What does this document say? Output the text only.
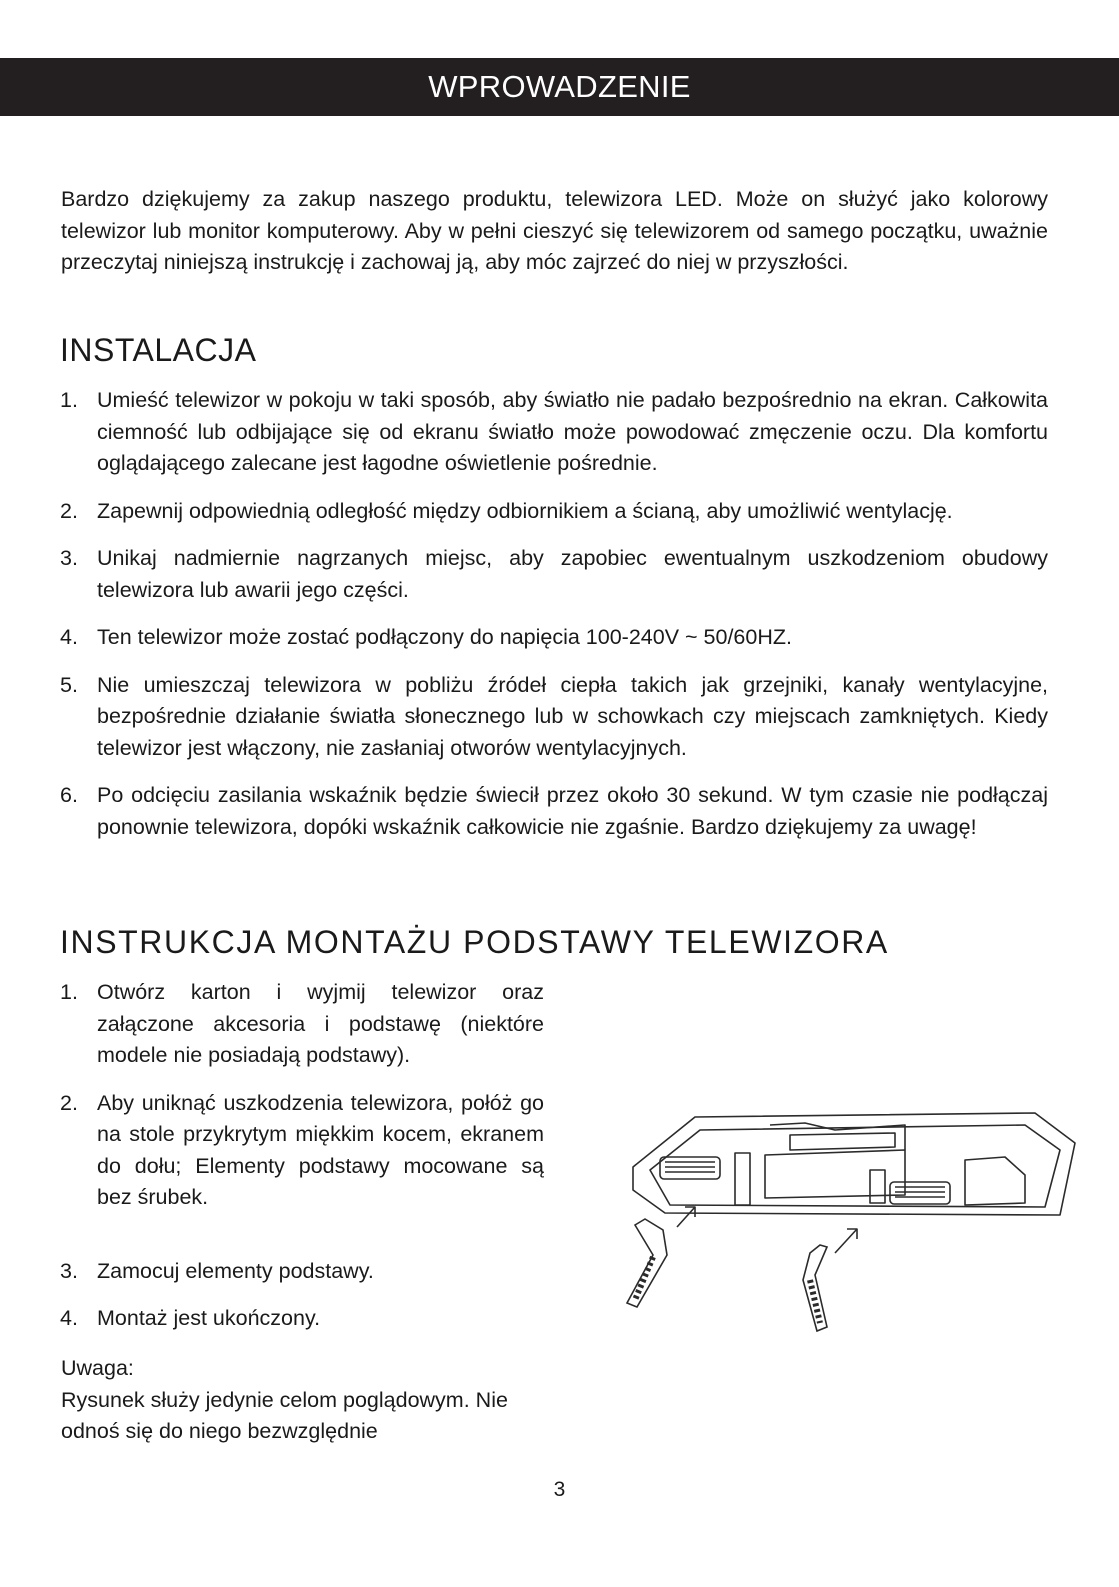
WPROWADZENIE

Bardzo dziękujemy za zakup naszego produktu, telewizora LED. Może on służyć jako kolorowy telewizor lub monitor komputerowy. Aby w pełni cieszyć się telewizorem od samego początku, uważnie przeczytaj niniejszą instrukcję i zachowaj ją, aby móc zajrzeć do niej w przyszłości.

INSTALACJA
1. Umieść telewizor w pokoju w taki sposób, aby światło nie padało bezpośrednio na ekran. Całkowita ciemność lub odbijające się od ekranu światło może powodować zmęczenie oczu. Dla komfortu oglądającego zalecane jest łagodne oświetlenie pośrednie.
2. Zapewnij odpowiednią odległość między odbiornikiem a ścianą, aby umożliwić wentylację.
3. Unikaj nadmiernie nagrzanych miejsc, aby zapobiec ewentualnym uszkodzeniom obudowy telewizora lub awarii jego części.
4. Ten telewizor może zostać podłączony do napięcia 100-240V ~ 50/60HZ.
5. Nie umieszczaj telewizora w pobliżu źródeł ciepła takich jak grzejniki, kanały wentylacyjne, bezpośrednie działanie światła słonecznego lub w schowkach czy miejscach zamkniętych. Kiedy telewizor jest włączony, nie zasłaniaj otworów wentylacyjnych.
6. Po odcięciu zasilania wskaźnik będzie świecił przez około 30 sekund. W tym czasie nie podłączaj ponownie telewizora, dopóki wskaźnik całkowicie nie zgaśnie. Bardzo dziękujemy za uwagę!
INSTRUKCJA MONTAŻU PODSTAWY TELEWIZORA
1. Otwórz karton i wyjmij telewizor oraz załączone akcesoria i podstawę (niektóre modele nie posiadają podstawy).
2. Aby uniknąć uszkodzenia telewizora, połóż go na stole przykrytym miękkim kocem, ekranem do dołu; Elementy podstawy mocowane są bez śrubek.
3. Zamocuj elementy podstawy.
4. Montaż jest ukończony.
Uwaga:
Rysunek służy jedynie celom poglądowym. Nie odnoś się do niego bezwzględnie
3
